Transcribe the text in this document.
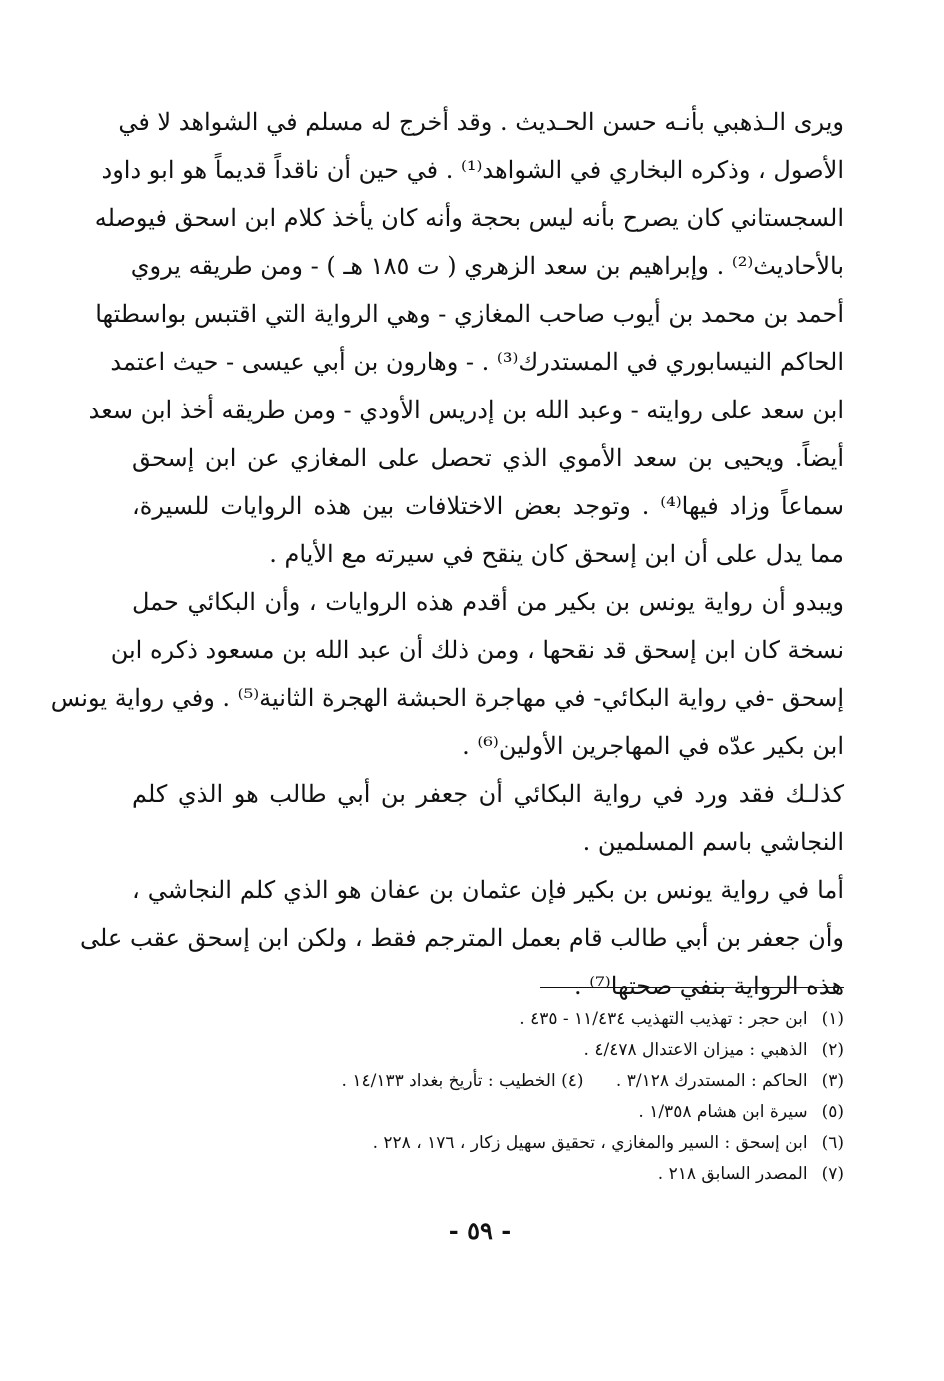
ويرى الـذهبي بأنـه حسن الحـديث . وقد أخرج له مسلم في الشواهد لا في
الأصول ، وذكره البخاري في الشواهد⁽¹⁾ . في حين أن ناقداً قديماً هو ابو داود
السجستاني كان يصرح بأنه ليس بحجة وأنه كان يأخذ كلام ابن اسحق فيوصله
بالأحاديث⁽²⁾ . وإبراهيم بن سعد الزهري ( ت ١٨٥ هـ ) - ومن طريقه يروي
أحمد بن محمد بن أيوب صاحب المغازي - وهي الرواية التي اقتبس بواسطتها
الحاكم النيسابوري في المستدرك⁽³⁾ . - وهارون بن أبي عيسى - حيث اعتمد
ابن سعد على روايته - وعبد الله بن إدريس الأودي - ومن طريقه أخذ ابن سعد
أيضاً. ويحيى بن سعد الأموي الذي تحصل على المغازي عن ابن إسحق
سماعاً وزاد فيها⁽⁴⁾ . وتوجد بعض الاختلافات بين هذه الروايات للسيرة،
مما يدل على أن ابن إسحق كان ينقح في سيرته مع الأيام .
ويبدو أن رواية يونس بن بكير من أقدم هذه الروايات ، وأن البكائي حمل
نسخة كان ابن إسحق قد نقحها ، ومن ذلك أن عبد الله بن مسعود ذكره ابن
إسحق -في رواية البكائي- في مهاجرة الحبشة الهجرة الثانية⁽⁵⁾ . وفي رواية يونس
ابن بكير عدّه في المهاجرين الأولين⁽⁶⁾ .
كذلـك فقد ورد في رواية البكائي أن جعفر بن أبي طالب هو الذي كلم
النجاشي باسم المسلمين .
أما في رواية يونس بن بكير فإن عثمان بن عفان هو الذي كلم النجاشي ،
وأن جعفر بن أبي طالب قام بعمل المترجم فقط ، ولكن ابن إسحق عقب على
هذه الرواية بنفي صحتها⁽⁷⁾ .
(١)ابن حجر : تهذيب التهذيب ١١/٤٣٤ - ٤٣٥ .
(٢)الذهبي : ميزان الاعتدال ٤/٤٧٨ .
(٣)الحاكم : المستدرك ٣/١٢٨ .      (٤) الخطيب : تأريخ بغداد ١٤/١٣٣ .
(٥)سيرة ابن هشام ١/٣٥٨ .
(٦)ابن إسحق : السير والمغازي ، تحقيق سهيل زكار ، ١٧٦ ، ٢٢٨ .
(٧)المصدر السابق ٢١٨ .
- ٥٩ -
